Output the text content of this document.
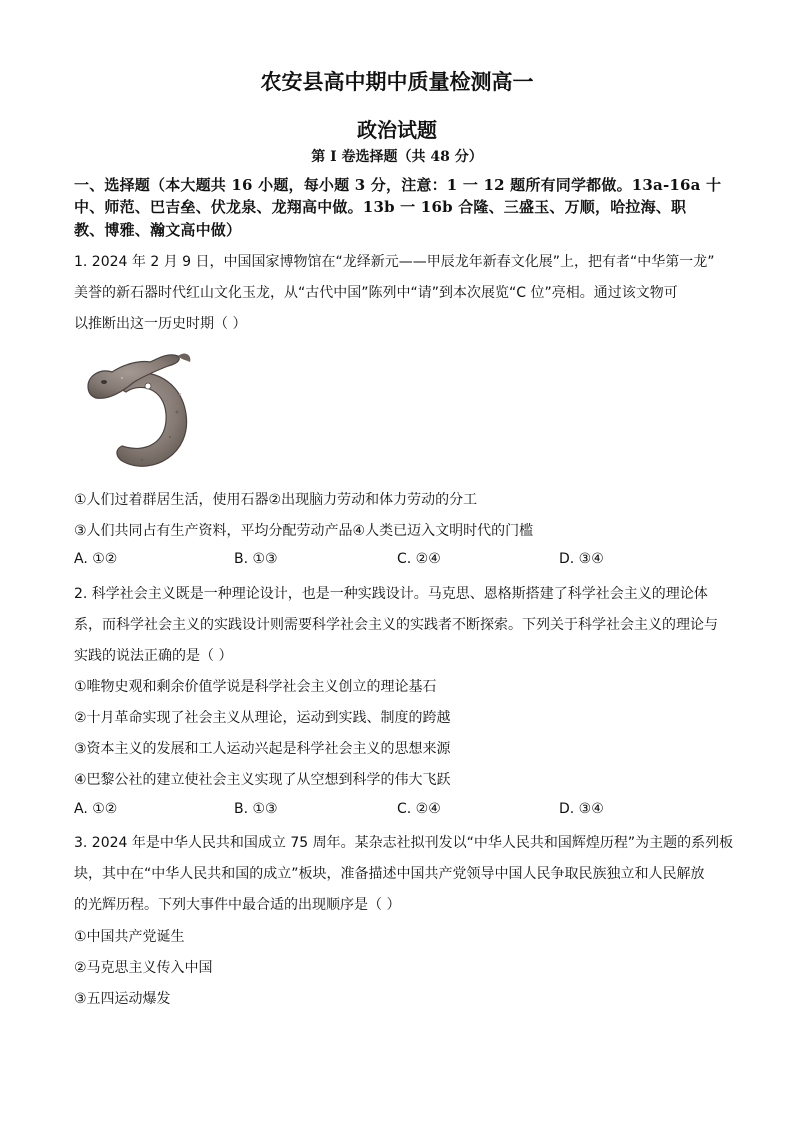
农安县高中期中质量检测高一
政治试题
第 I 卷选择题（共 48 分）
一、选择题（本大题共 16 小题，每小题 3 分，注意：1 一 12 题所有同学都做。13a-16a 十
中、师范、巴吉垒、伏龙泉、龙翔高中做。13b 一 16b 合隆、三盛玉、万顺，哈拉海、职
教、博雅、瀚文高中做）
1. 2024 年 2 月 9 日，中国国家博物馆在“龙绎新元——甲辰龙年新春文化展”上，把有者“中华第一龙”
美誉的新石器时代红山文化玉龙，从“古代中国”陈列中“请”到本次展览“C 位”亮相。通过该文物可
以推断出这一历史时期（ ）
①人们过着群居生活，使用石器②出现脑力劳动和体力劳动的分工
③人们共同占有生产资料，平均分配劳动产品④人类已迈入文明时代的门槛
A. ①②	B. ①③	C. ②④	D. ③④
2. 科学社会主义既是一种理论设计，也是一种实践设计。马克思、恩格斯搭建了科学社会主义的理论体
系，而科学社会主义的实践设计则需要科学社会主义的实践者不断探索。下列关于科学社会主义的理论与
实践的说法正确的是（ ）
①唯物史观和剩余价值学说是科学社会主义创立的理论基石
②十月革命实现了社会主义从理论，运动到实践、制度的跨越
③资本主义的发展和工人运动兴起是科学社会主义的思想来源
④巴黎公社的建立使社会主义实现了从空想到科学的伟大飞跃
A. ①②	B. ①③	C. ②④	D. ③④
3. 2024 年是中华人民共和国成立 75 周年。某杂志社拟刊发以“中华人民共和国辉煌历程”为主题的系列板
块，其中在“中华人民共和国的成立”板块，准备描述中国共产党领导中国人民争取民族独立和人民解放
的光辉历程。下列大事件中最合适的出现顺序是（ ）
①中国共产党诞生
②马克思主义传入中国
③五四运动爆发
